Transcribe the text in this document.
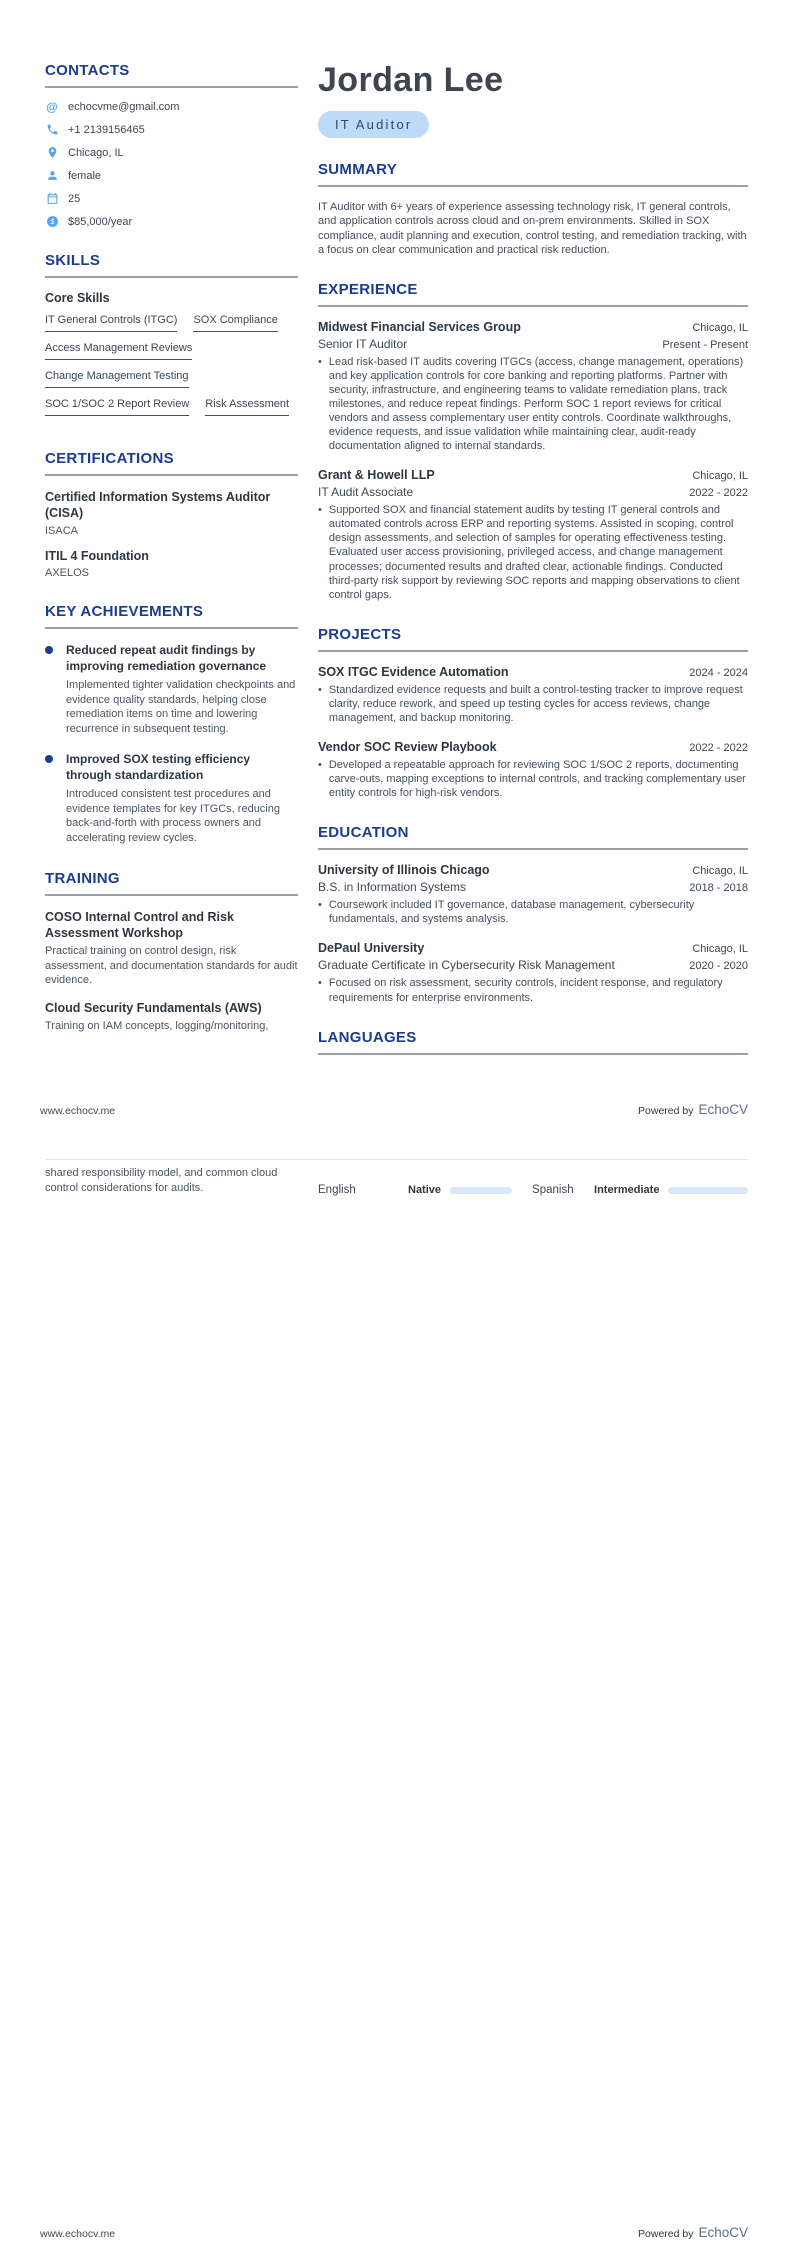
CONTACTS
@ echocvme@gmail.com
+1 2139156465
Chicago, IL
female
25
$ $85,000/year
SKILLS
Core Skills
IT General Controls (ITGC) SOX Compliance
Access Management Reviews
Change Management Testing
SOC 1/SOC 2 Report Review Risk Assessment
CERTIFICATIONS
Certified Information Systems Auditor (CISA)
ISACA
ITIL 4 Foundation
AXELOS
KEY ACHIEVEMENTS
Reduced repeat audit findings by improving remediation governance
Implemented tighter validation checkpoints and evidence quality standards, helping close remediation items on time and lowering recurrence in subsequent testing.
Improved SOX testing efficiency through standardization
Introduced consistent test procedures and evidence templates for key ITGCs, reducing back-and-forth with process owners and accelerating review cycles.
TRAINING
COSO Internal Control and Risk Assessment Workshop
Practical training on control design, risk assessment, and documentation standards for audit evidence.
Cloud Security Fundamentals (AWS)
Training on IAM concepts, logging/monitoring,
Jordan Lee
IT Auditor
SUMMARY

IT Auditor with 6+ years of experience assessing technology risk, IT general controls, and application controls across cloud and on-prem environments. Skilled in SOX compliance, audit planning and execution, control testing, and remediation tracking, with a focus on clear communication and practical risk reduction.

EXPERIENCE
Midwest Financial Services Group	Chicago, IL
Senior IT Auditor	Present - Present
• Lead risk-based IT audits covering ITGCs (access, change management, operations) and key application controls for core banking and reporting platforms. Partner with security, infrastructure, and engineering teams to validate remediation plans, track milestones, and reduce repeat findings. Perform SOC 1 report reviews for critical vendors and assess complementary user entity controls. Coordinate walkthroughs, evidence requests, and issue validation while maintaining clear, audit-ready documentation aligned to internal standards.
Grant & Howell LLP	Chicago, IL
IT Audit Associate	2022 - 2022
• Supported SOX and financial statement audits by testing IT general controls and automated controls across ERP and reporting systems. Assisted in scoping, control design assessments, and selection of samples for operating effectiveness testing. Evaluated user access provisioning, privileged access, and change management processes; documented results and drafted clear, actionable findings. Conducted third-party risk support by reviewing SOC reports and mapping observations to client control gaps.
PROJECTS
SOX ITGC Evidence Automation	2024 - 2024
• Standardized evidence requests and built a control-testing tracker to improve request clarity, reduce rework, and speed up testing cycles for access reviews, change management, and backup monitoring.
Vendor SOC Review Playbook	2022 - 2022
• Developed a repeatable approach for reviewing SOC 1/SOC 2 reports, documenting carve-outs, mapping exceptions to internal controls, and tracking complementary user entity controls for high-risk vendors.
EDUCATION
University of Illinois Chicago	Chicago, IL
B.S. in Information Systems	2018 - 2018
• Coursework included IT governance, database management, cybersecurity fundamentals, and systems analysis.
DePaul University	Chicago, IL
Graduate Certificate in Cybersecurity Risk Management	2020 - 2020
• Focused on risk assessment, security controls, incident response, and regulatory requirements for enterprise environments.
LANGUAGES
www.echocv.me	Powered by EchoCV
shared responsibility model, and common cloud control considerations for audits.	English	Native	Spanish	Intermediate
www.echocv.me	Powered by EchoCV
